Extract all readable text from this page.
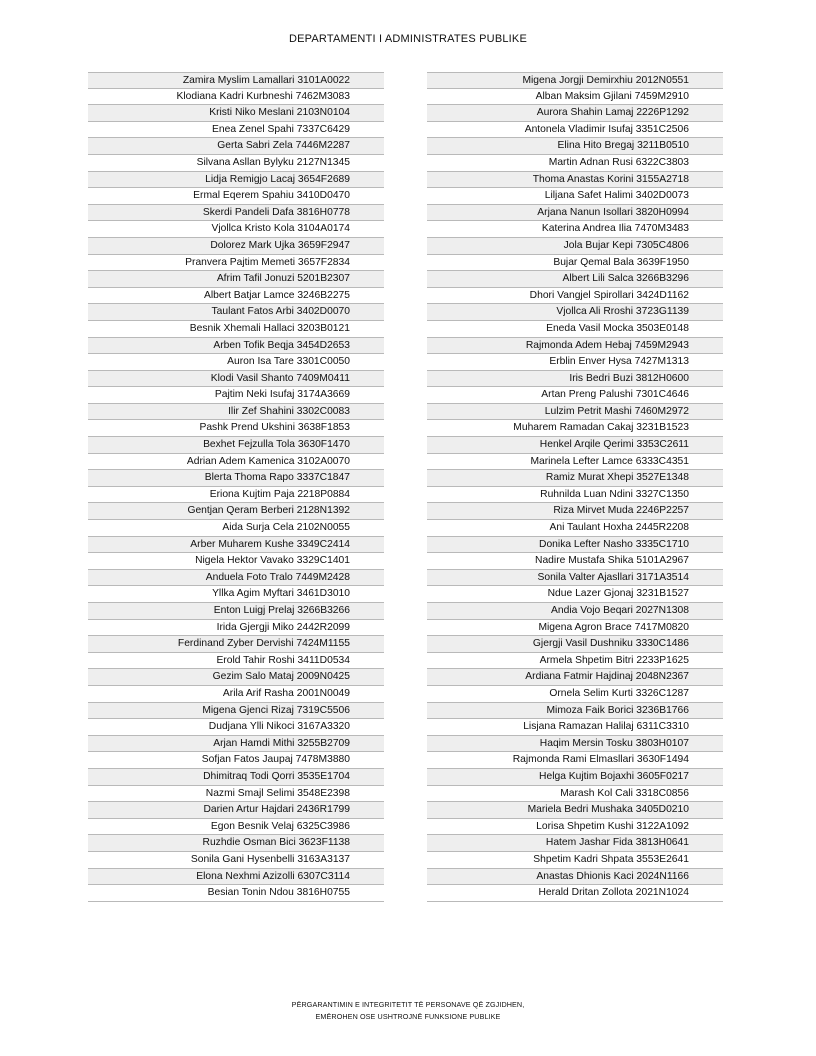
DEPARTAMENTI I ADMINISTRATES PUBLIKE
Zamira Myslim Lamallari 3101A0022
Klodiana Kadri Kurbneshi 7462M3083
Kristi Niko Meslani 2103N0104
Enea Zenel Spahi 7337C6429
Gerta Sabri Zela 7446M2287
Silvana Asllan Bylyku 2127N1345
Lidja Remigjo Lacaj 3654F2689
Ermal Eqerem Spahiu 3410D0470
Skerdi Pandeli Dafa 3816H0778
Vjollca Kristo Kola 3104A0174
Dolorez Mark Ujka 3659F2947
Pranvera Pajtim Memeti 3657F2834
Afrim Tafil Jonuzi 5201B2307
Albert Batjar Lamce 3246B2275
Taulant Fatos Arbi 3402D0070
Besnik Xhemali Hallaci 3203B0121
Arben Tofik Beqja 3454D2653
Auron Isa Tare 3301C0050
Klodi Vasil Shanto 7409M0411
Pajtim Neki Isufaj 3174A3669
Ilir Zef Shahini 3302C0083
Pashk Prend Ukshini 3638F1853
Bexhet Fejzulla Tola 3630F1470
Adrian Adem Kamenica 3102A0070
Blerta Thoma Rapo 3337C1847
Eriona Kujtim Paja 2218P0884
Gentjan Qeram Berberi 2128N1392
Aida Surja Cela 2102N0055
Arber Muharem Kushe 3349C2414
Nigela Hektor Vavako 3329C1401
Anduela Foto Tralo 7449M2428
Yllka Agim Myftari 3461D3010
Enton Luigj Prelaj 3266B3266
Irida Gjergji Miko 2442R2099
Ferdinand Zyber Dervishi 7424M1155
Erold Tahir Roshi 3411D0534
Gezim Salo Mataj 2009N0425
Arila Arif Rasha 2001N0049
Migena Gjenci Rizaj 7319C5506
Dudjana Ylli Nikoci 3167A3320
Arjan Hamdi Mithi 3255B2709
Sofjan Fatos Jaupaj 7478M3880
Dhimitraq Todi Qorri 3535E1704
Nazmi Smajl Selimi 3548E2398
Darien Artur Hajdari 2436R1799
Egon Besnik Velaj 6325C3986
Ruzhdie Osman Bici 3623F1138
Sonila Gani Hysenbelli 3163A3137
Elona Nexhmi Azizolli 6307C3114
Besian Tonin Ndou 3816H0755
Migena Jorgji Demirxhiu 2012N0551
Alban Maksim Gjilani 7459M2910
Aurora Shahin Lamaj 2226P1292
Antonela Vladimir Isufaj 3351C2506
Elina Hito Bregaj 3211B0510
Martin Adnan Rusi 6322C3803
Thoma Anastas Korini 3155A2718
Liljana Safet Halimi 3402D0073
Arjana Nanun Isollari 3820H0994
Katerina Andrea Ilia 7470M3483
Jola Bujar Kepi 7305C4806
Bujar Qemal Bala 3639F1950
Albert Lili Salca 3266B3296
Dhori Vangjel Spirollari 3424D1162
Vjollca Ali Rroshi 3723G1139
Eneda Vasil Mocka 3503E0148
Rajmonda Adem Hebaj 7459M2943
Erblin Enver Hysa 7427M1313
Iris Bedri Buzi 3812H0600
Artan Preng Palushi 7301C4646
Lulzim Petrit Mashi 7460M2972
Muharem Ramadan Cakaj 3231B1523
Henkel Arqile Qerimi 3353C2611
Marinela Lefter Lamce 6333C4351
Ramiz Murat Xhepi 3527E1348
Ruhnilda Luan Ndini 3327C1350
Riza Mirvet Muda 2246P2257
Ani Taulant Hoxha 2445R2208
Donika Lefter Nasho 3335C1710
Nadire Mustafa Shika 5101A2967
Sonila Valter Ajasllari 3171A3514
Ndue Lazer Gjonaj 3231B1527
Andia Vojo Beqari 2027N1308
Migena Agron Brace 7417M0820
Gjergji Vasil Dushniku 3330C1486
Armela Shpetim Bitri 2233P1625
Ardiana Fatmir Hajdinaj 2048N2367
Ornela Selim Kurti 3326C1287
Mimoza Faik Borici 3236B1766
Lisjana Ramazan Halilaj 6311C3310
Haqim Mersin Tosku 3803H0107
Rajmonda Rami Elmasllari 3630F1494
Helga Kujtim Bojaxhi 3605F0217
Marash Kol Cali 3318C0856
Mariela Bedri Mushaka 3405D0210
Lorisa Shpetim Kushi 3122A1092
Hatem Jashar Fida 3813H0641
Shpetim Kadri Shpata 3553E2641
Anastas Dhionis Kaci 2024N1166
Herald Dritan Zollota 2021N1024
PËRGARANTIMIN E INTEGRITETIT TË PERSONAVE QË ZGJIDHEN,
EMËROHEN OSE USHTROJNË FUNKSIONE PUBLIKE
